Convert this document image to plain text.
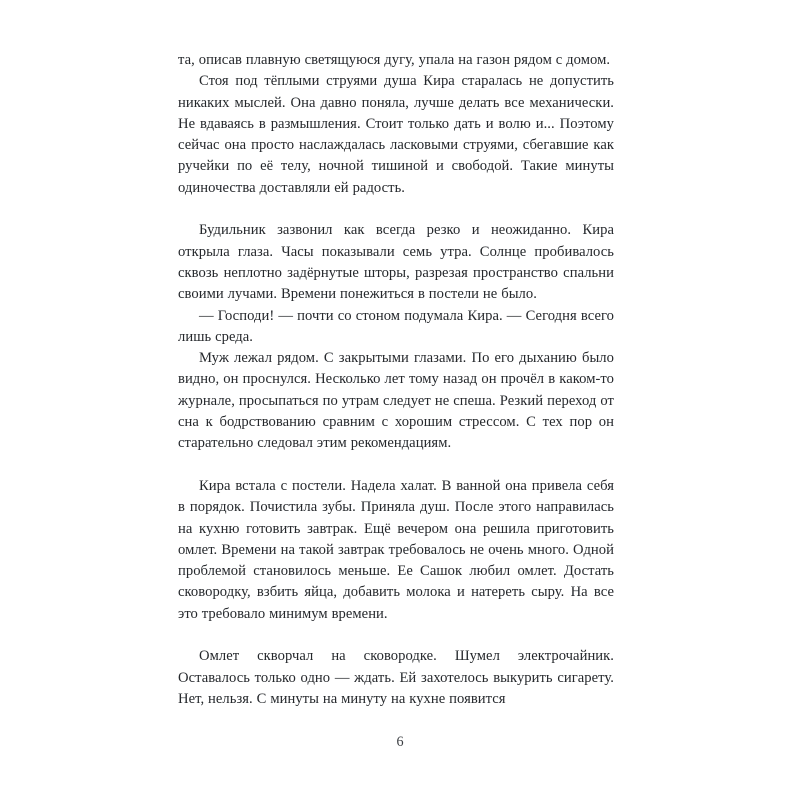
та, описав плавную светящуюся дугу, упала на газон рядом с домом.

Стоя под тёплыми струями душа Кира старалась не допустить никаких мыслей. Она давно поняла, лучше делать все механически. Не вдаваясь в размышления. Стоит только дать и волю и... Поэтому сейчас она просто наслаждалась ласковыми струями, сбегавшие как ручейки по её телу, ночной тишиной и свободой. Такие минуты одиночества доставляли ей радость.

Будильник зазвонил как всегда резко и неожиданно. Кира открыла глаза. Часы показывали семь утра. Солнце пробивалось сквозь неплотно задёрнутые шторы, разрезая пространство спальни своими лучами. Времени понежиться в постели не было.

— Господи! — почти со стоном подумала Кира. — Сегодня всего лишь среда.

Муж лежал рядом. С закрытыми глазами. По его дыханию было видно, он проснулся. Несколько лет тому назад он прочёл в каком-то журнале, просыпаться по утрам следует не спеша. Резкий переход от сна к бодрствованию сравним с хорошим стрессом. С тех пор он старательно следовал этим рекомендациям.

Кира встала с постели. Надела халат. В ванной она привела себя в порядок. Почистила зубы. Приняла душ. После этого направилась на кухню готовить завтрак. Ещё вечером она решила приготовить омлет. Времени на такой завтрак требовалось не очень много. Одной проблемой становилось меньше. Ее Сашок любил омлет. Достать сковородку, взбить яйца, добавить молока и натереть сыру. На все это требовало минимум времени.

Омлет скворчал на сковородке. Шумел электрочайник. Оставалось только одно — ждать. Ей захотелось выкурить сигарету. Нет, нельзя. С минуты на минуту на кухне появится

6
